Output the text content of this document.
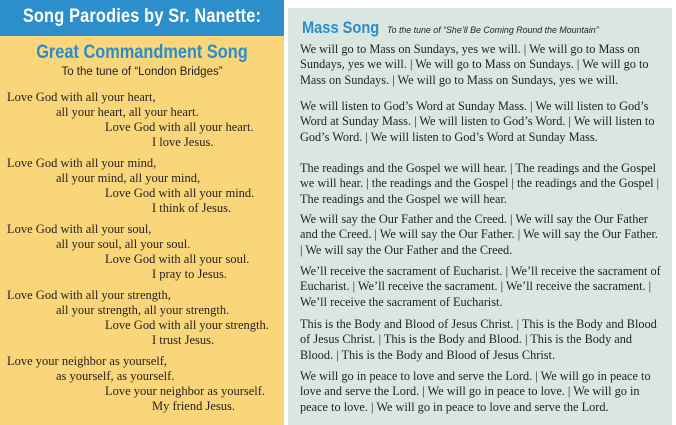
Song Parodies by Sr. Nanette:
Great Commandment Song
To the tune of “London Bridges”
Love God with all your heart,
all your heart, all your heart.
Love God with all your heart.
I love Jesus.
Love God with all your mind,
all your mind, all your mind,
Love God with all your mind.
I think of Jesus.
Love God with all your soul,
all your soul, all your soul.
Love God with all your soul.
I pray to Jesus.
Love God with all your strength,
all your strength, all your strength.
Love God with all your strength.
I trust Jesus.
Love your neighbor as yourself,
as yourself, as yourself.
Love your neighbor as yourself.
My friend Jesus.
Mass Song To the tune of “She’ll Be Coming Round the Mountain”

We will go to Mass on Sundays, yes we will. | We will go to Mass on Sundays, yes we will. | We will go to Mass on Sundays. | We will go to Mass on Sundays. | We will go to Mass on Sundays, yes we will.

We will listen to God’s Word at Sunday Mass. | We will listen to God’s Word at Sunday Mass. | We will listen to God’s Word. | We will listen to God’s Word. | We will listen to God’s Word at Sunday Mass.

The readings and the Gospel we will hear. | The readings and the Gospel we will hear. | the readings and the Gospel | the readings and the Gospel | The readings and the Gospel we will hear.

We will say the Our Father and the Creed. | We will say the Our Father and the Creed. | We will say the Our Father. | We will say the Our Father. | We will say the Our Father and the Creed.

We’ll receive the sacrament of Eucharist. | We’ll receive the sacrament of Eucharist. | We’ll receive the sacrament. | We’ll receive the sacrament. | We’ll receive the sacrament of Eucharist.

This is the Body and Blood of Jesus Christ. | This is the Body and Blood of Jesus Christ. | This is the Body and Blood. | This is the Body and Blood. | This is the Body and Blood of Jesus Christ.

We will go in peace to love and serve the Lord. | We will go in peace to love and serve the Lord. | We will go in peace to love. | We will go in peace to love. | We will go in peace to love and serve the Lord.
